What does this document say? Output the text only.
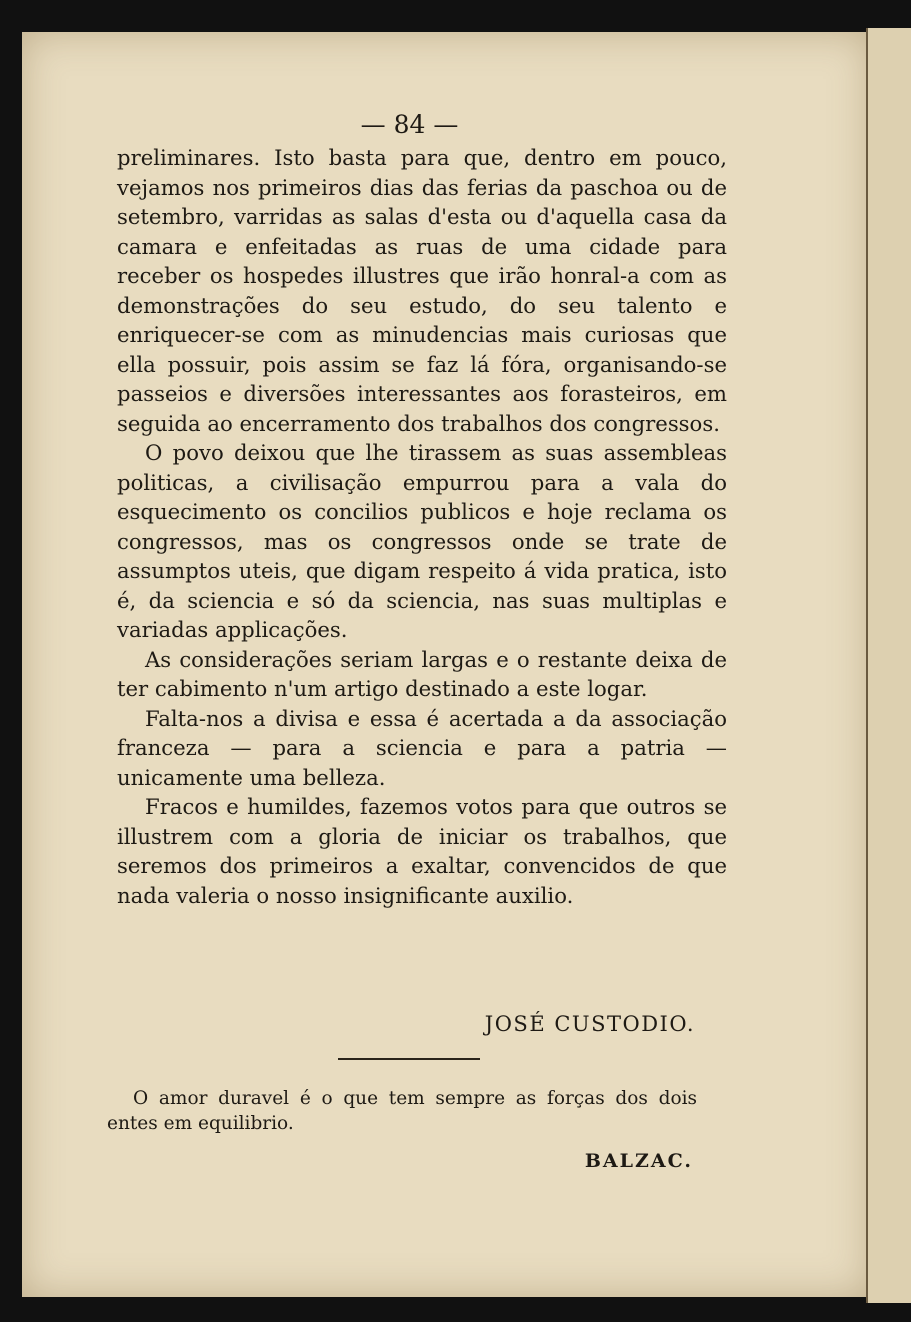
— 84 —

preliminares. Isto basta para que, dentro em pouco, vejamos nos primeiros dias das ferias da paschoa ou de setembro, varridas as salas d'esta ou d'aquella casa da camara e enfeitadas as ruas de uma cidade para receber os hospedes illustres que irão honral-a com as demonstrações do seu estudo, do seu talento e enriquecer-se com as minudencias mais curiosas que ella possuir, pois assim se faz lá fóra, organisando-se passeios e diversões interessantes aos forasteiros, em seguida ao encerramento dos trabalhos dos congressos.

O povo deixou que lhe tirassem as suas assembleas politicas, a civilisação empurrou para a vala do esquecimento os concilios publicos e hoje reclama os congressos, mas os congressos onde se trate de assumptos uteis, que digam respeito á vida pratica, isto é, da sciencia e só da sciencia, nas suas multiplas e variadas applicações.

As considerações seriam largas e o restante deixa de ter cabimento n'um artigo destinado a este logar.

Falta-nos a divisa e essa é acertada a da associação franceza — para a sciencia e para a patria — unicamente uma belleza.

Fracos e humildes, fazemos votos para que outros se illustrem com a gloria de iniciar os trabalhos, que seremos dos primeiros a exaltar, convencidos de que nada valeria o nosso insignificante auxilio.

JOSÉ CUSTODIO.

O amor duravel é o que tem sempre as forças dos dois entes em equilibrio.

BALZAC.
